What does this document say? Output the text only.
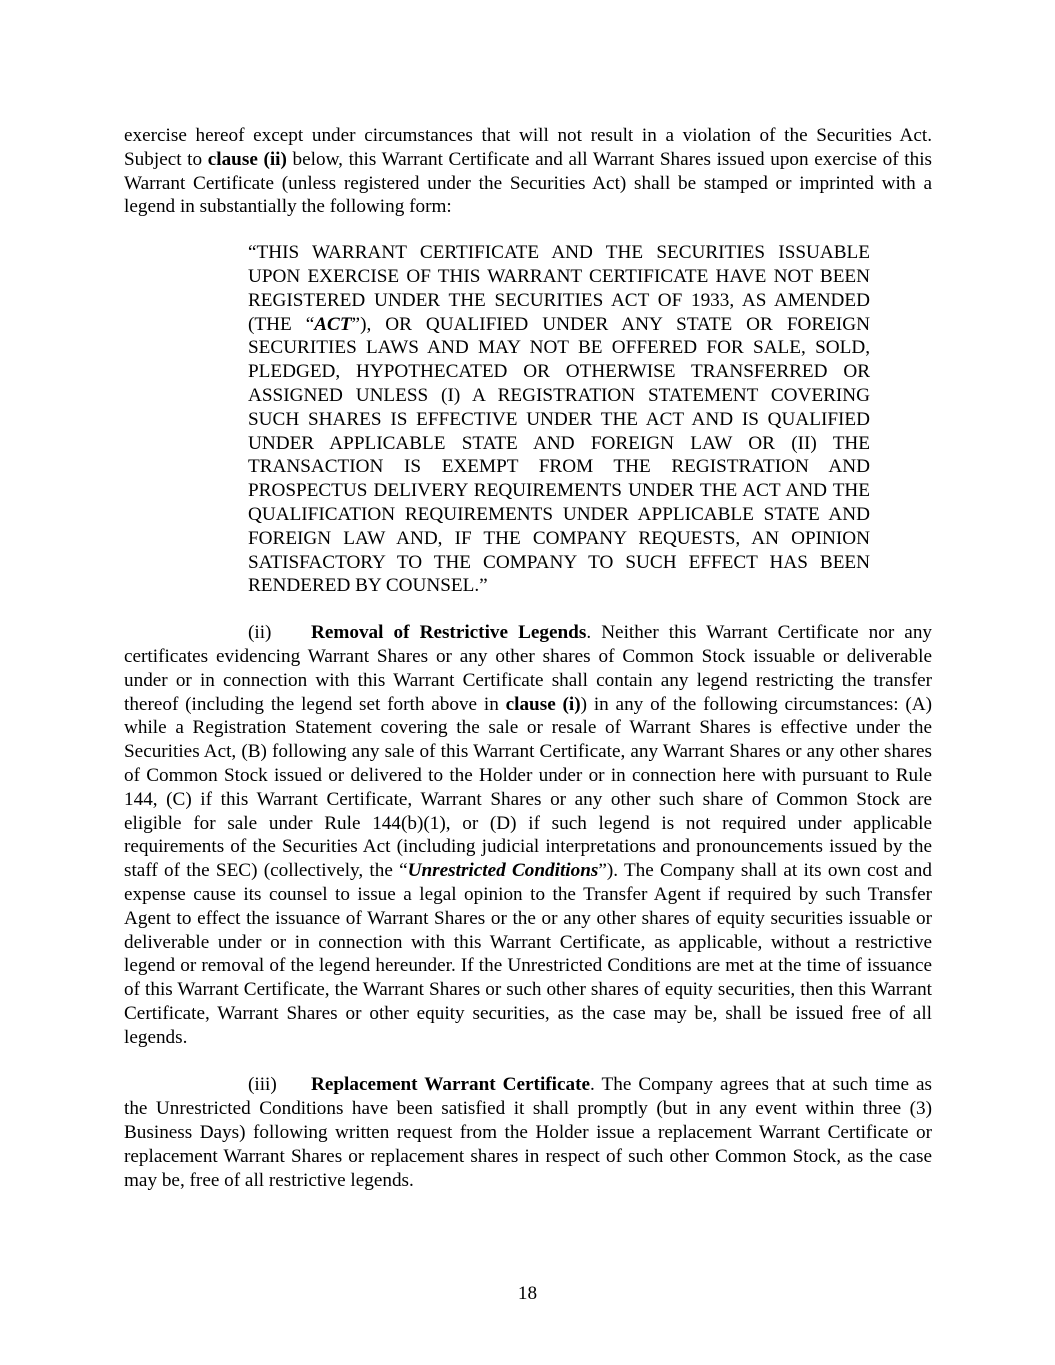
exercise hereof except under circumstances that will not result in a violation of the Securities Act. Subject to clause (ii) below, this Warrant Certificate and all Warrant Shares issued upon exercise of this Warrant Certificate (unless registered under the Securities Act) shall be stamped or imprinted with a legend in substantially the following form:

“THIS WARRANT CERTIFICATE AND THE SECURITIES ISSUABLE UPON EXERCISE OF THIS WARRANT CERTIFICATE HAVE NOT BEEN REGISTERED UNDER THE SECURITIES ACT OF 1933, AS AMENDED (THE “ACT”), OR QUALIFIED UNDER ANY STATE OR FOREIGN SECURITIES LAWS AND MAY NOT BE OFFERED FOR SALE, SOLD, PLEDGED, HYPOTHECATED OR OTHERWISE TRANSFERRED OR ASSIGNED UNLESS (I) A REGISTRATION STATEMENT COVERING SUCH SHARES IS EFFECTIVE UNDER THE ACT AND IS QUALIFIED UNDER APPLICABLE STATE AND FOREIGN LAW OR (II) THE TRANSACTION IS EXEMPT FROM THE REGISTRATION AND PROSPECTUS DELIVERY REQUIREMENTS UNDER THE ACT AND THE QUALIFICATION REQUIREMENTS UNDER APPLICABLE STATE AND FOREIGN LAW AND, IF THE COMPANY REQUESTS, AN OPINION SATISFACTORY TO THE COMPANY TO SUCH EFFECT HAS BEEN RENDERED BY COUNSEL.”

(ii) Removal of Restrictive Legends. Neither this Warrant Certificate nor any certificates evidencing Warrant Shares or any other shares of Common Stock issuable or deliverable under or in connection with this Warrant Certificate shall contain any legend restricting the transfer thereof (including the legend set forth above in clause (i)) in any of the following circumstances: (A) while a Registration Statement covering the sale or resale of Warrant Shares is effective under the Securities Act, (B) following any sale of this Warrant Certificate, any Warrant Shares or any other shares of Common Stock issued or delivered to the Holder under or in connection here with pursuant to Rule 144, (C) if this Warrant Certificate, Warrant Shares or any other such share of Common Stock are eligible for sale under Rule 144(b)(1), or (D) if such legend is not required under applicable requirements of the Securities Act (including judicial interpretations and pronouncements issued by the staff of the SEC) (collectively, the “Unrestricted Conditions”). The Company shall at its own cost and expense cause its counsel to issue a legal opinion to the Transfer Agent if required by such Transfer Agent to effect the issuance of Warrant Shares or the or any other shares of equity securities issuable or deliverable under or in connection with this Warrant Certificate, as applicable, without a restrictive legend or removal of the legend hereunder. If the Unrestricted Conditions are met at the time of issuance of this Warrant Certificate, the Warrant Shares or such other shares of equity securities, then this Warrant Certificate, Warrant Shares or other equity securities, as the case may be, shall be issued free of all legends.

(iii) Replacement Warrant Certificate. The Company agrees that at such time as the Unrestricted Conditions have been satisfied it shall promptly (but in any event within three (3) Business Days) following written request from the Holder issue a replacement Warrant Certificate or replacement Warrant Shares or replacement shares in respect of such other Common Stock, as the case may be, free of all restrictive legends.

18
